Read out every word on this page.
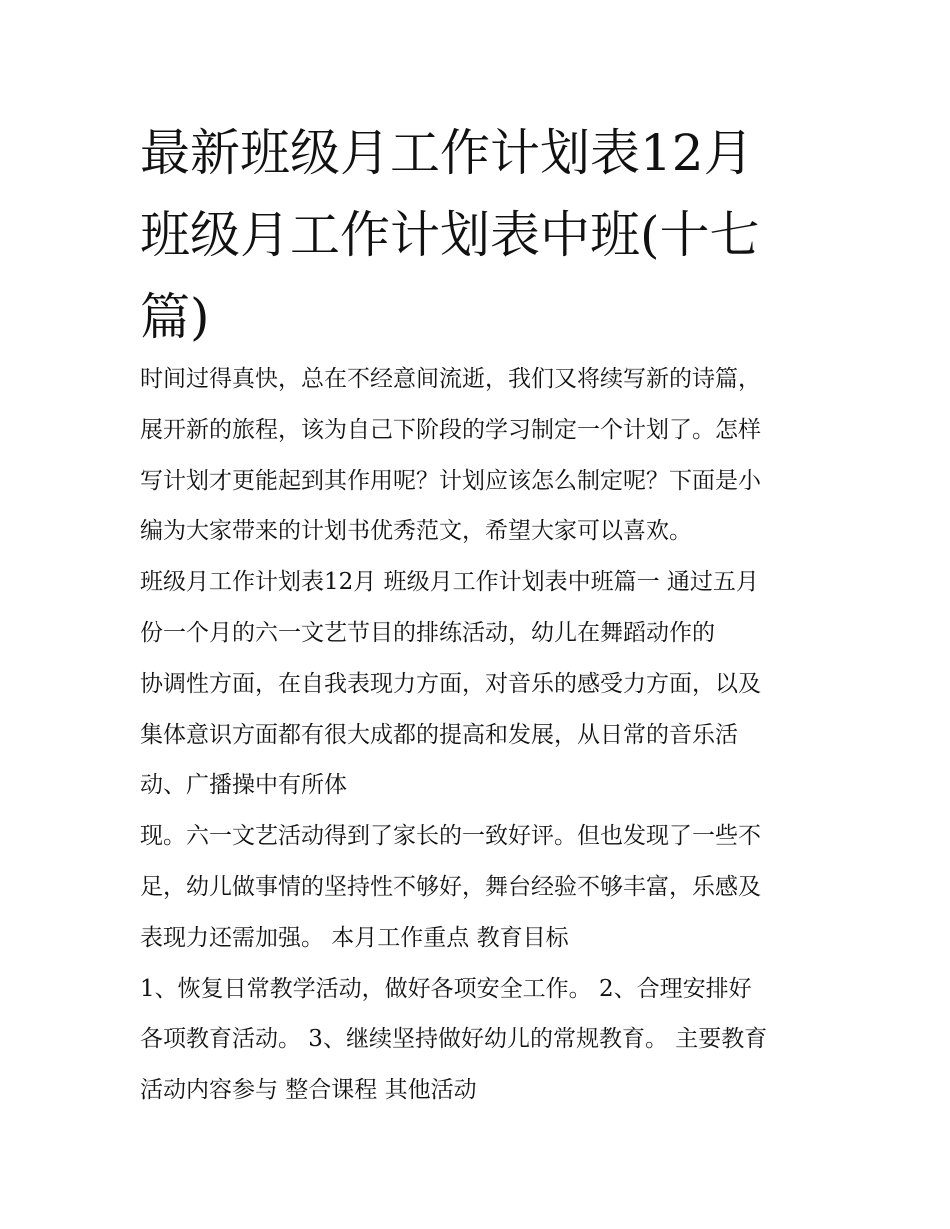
最新班级月工作计划表12月
班级月工作计划表中班(十七
篇)
时间过得真快，总在不经意间流逝，我们又将续写新的诗篇，
展开新的旅程，该为自己下阶段的学习制定一个计划了。怎样
写计划才更能起到其作用呢？计划应该怎么制定呢？下面是小
编为大家带来的计划书优秀范文，希望大家可以喜欢。
班级月工作计划表12月 班级月工作计划表中班篇一 通过五月
份一个月的六一文艺节目的排练活动，幼儿在舞蹈动作的
协调性方面，在自我表现力方面，对音乐的感受力方面，以及
集体意识方面都有很大成都的提高和发展，从日常的音乐活
动、广播操中有所体
现。六一文艺活动得到了家长的一致好评。但也发现了一些不
足，幼儿做事情的坚持性不够好，舞台经验不够丰富，乐感及
表现力还需加强。 本月工作重点 教育目标
1、恢复日常教学活动，做好各项安全工作。 2、合理安排好
各项教育活动。 3、继续坚持做好幼儿的常规教育。 主要教育
活动内容参与 整合课程 其他活动
